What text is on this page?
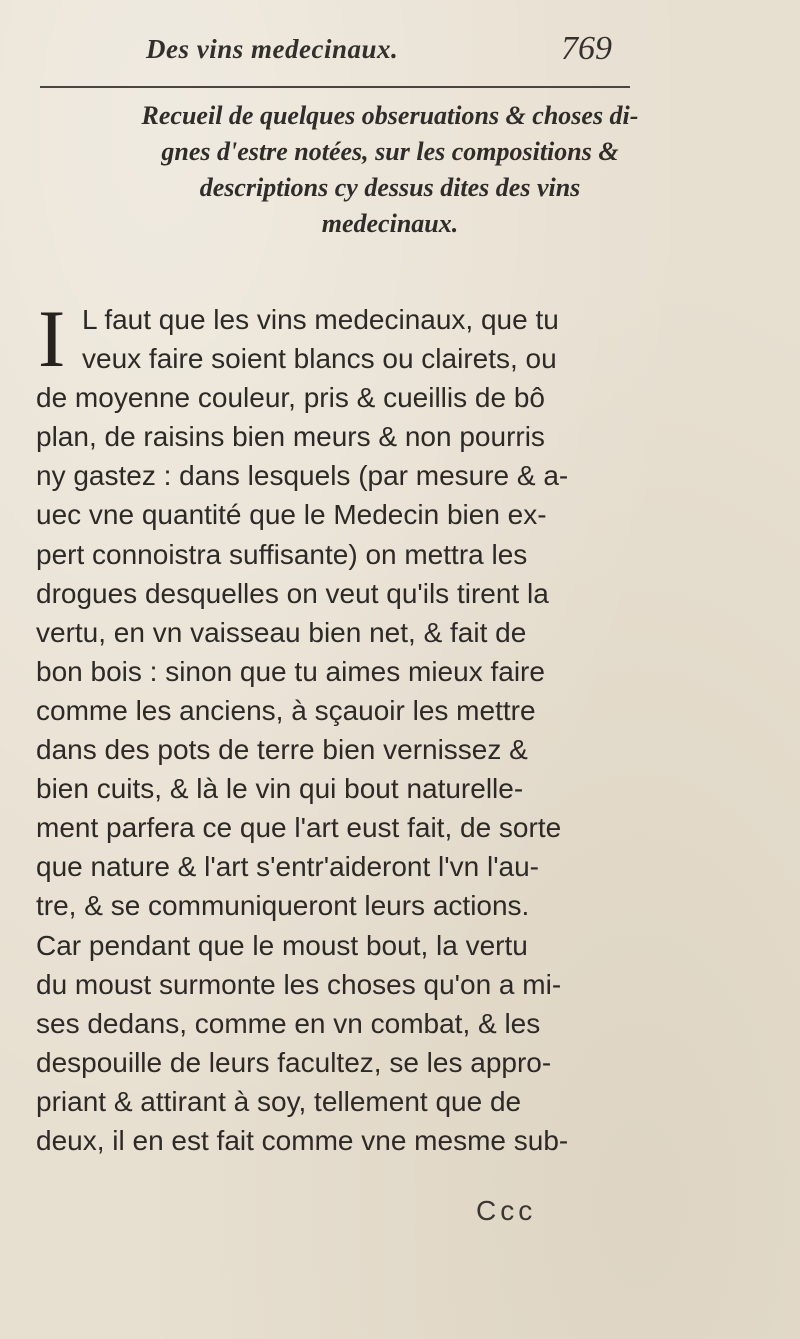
Des vins medecinaux.	769
Recueil de quelques obseruations & choses di-
gnes d'estre notées, sur les compositions &
descriptions cy dessus dites des vins
medecinaux.
I L faut que les vins medecinaux, que tu
veux faire soient blancs ou clairets, ou
de moyenne couleur, pris & cueillis de bô
plan, de raisins bien meurs & non pourris
ny gastez : dans lesquels (par mesure & a-
uec vne quantité que le Medecin bien ex-
pert connoistra suffisante) on mettra les
drogues desquelles on veut qu'ils tirent la
vertu, en vn vaisseau bien net, & fait de
bon bois : sinon que tu aimes mieux faire
comme les anciens, à sçauoir les mettre
dans des pots de terre bien vernissez &
bien cuits, & là le vin qui bout naturelle-
ment parfera ce que l'art eust fait, de sorte
que nature & l'art s'entr'aideront l'vn l'au-
tre, & se communiqueront leurs actions.
Car pendant que le moust bout, la vertu
du moust surmonte les choses qu'on a mi-
ses dedans, comme en vn combat, & les
despouille de leurs facultez, se les appro-
priant & attirant à soy, tellement que de
deux, il en est fait comme vne mesme sub-
Ccc
